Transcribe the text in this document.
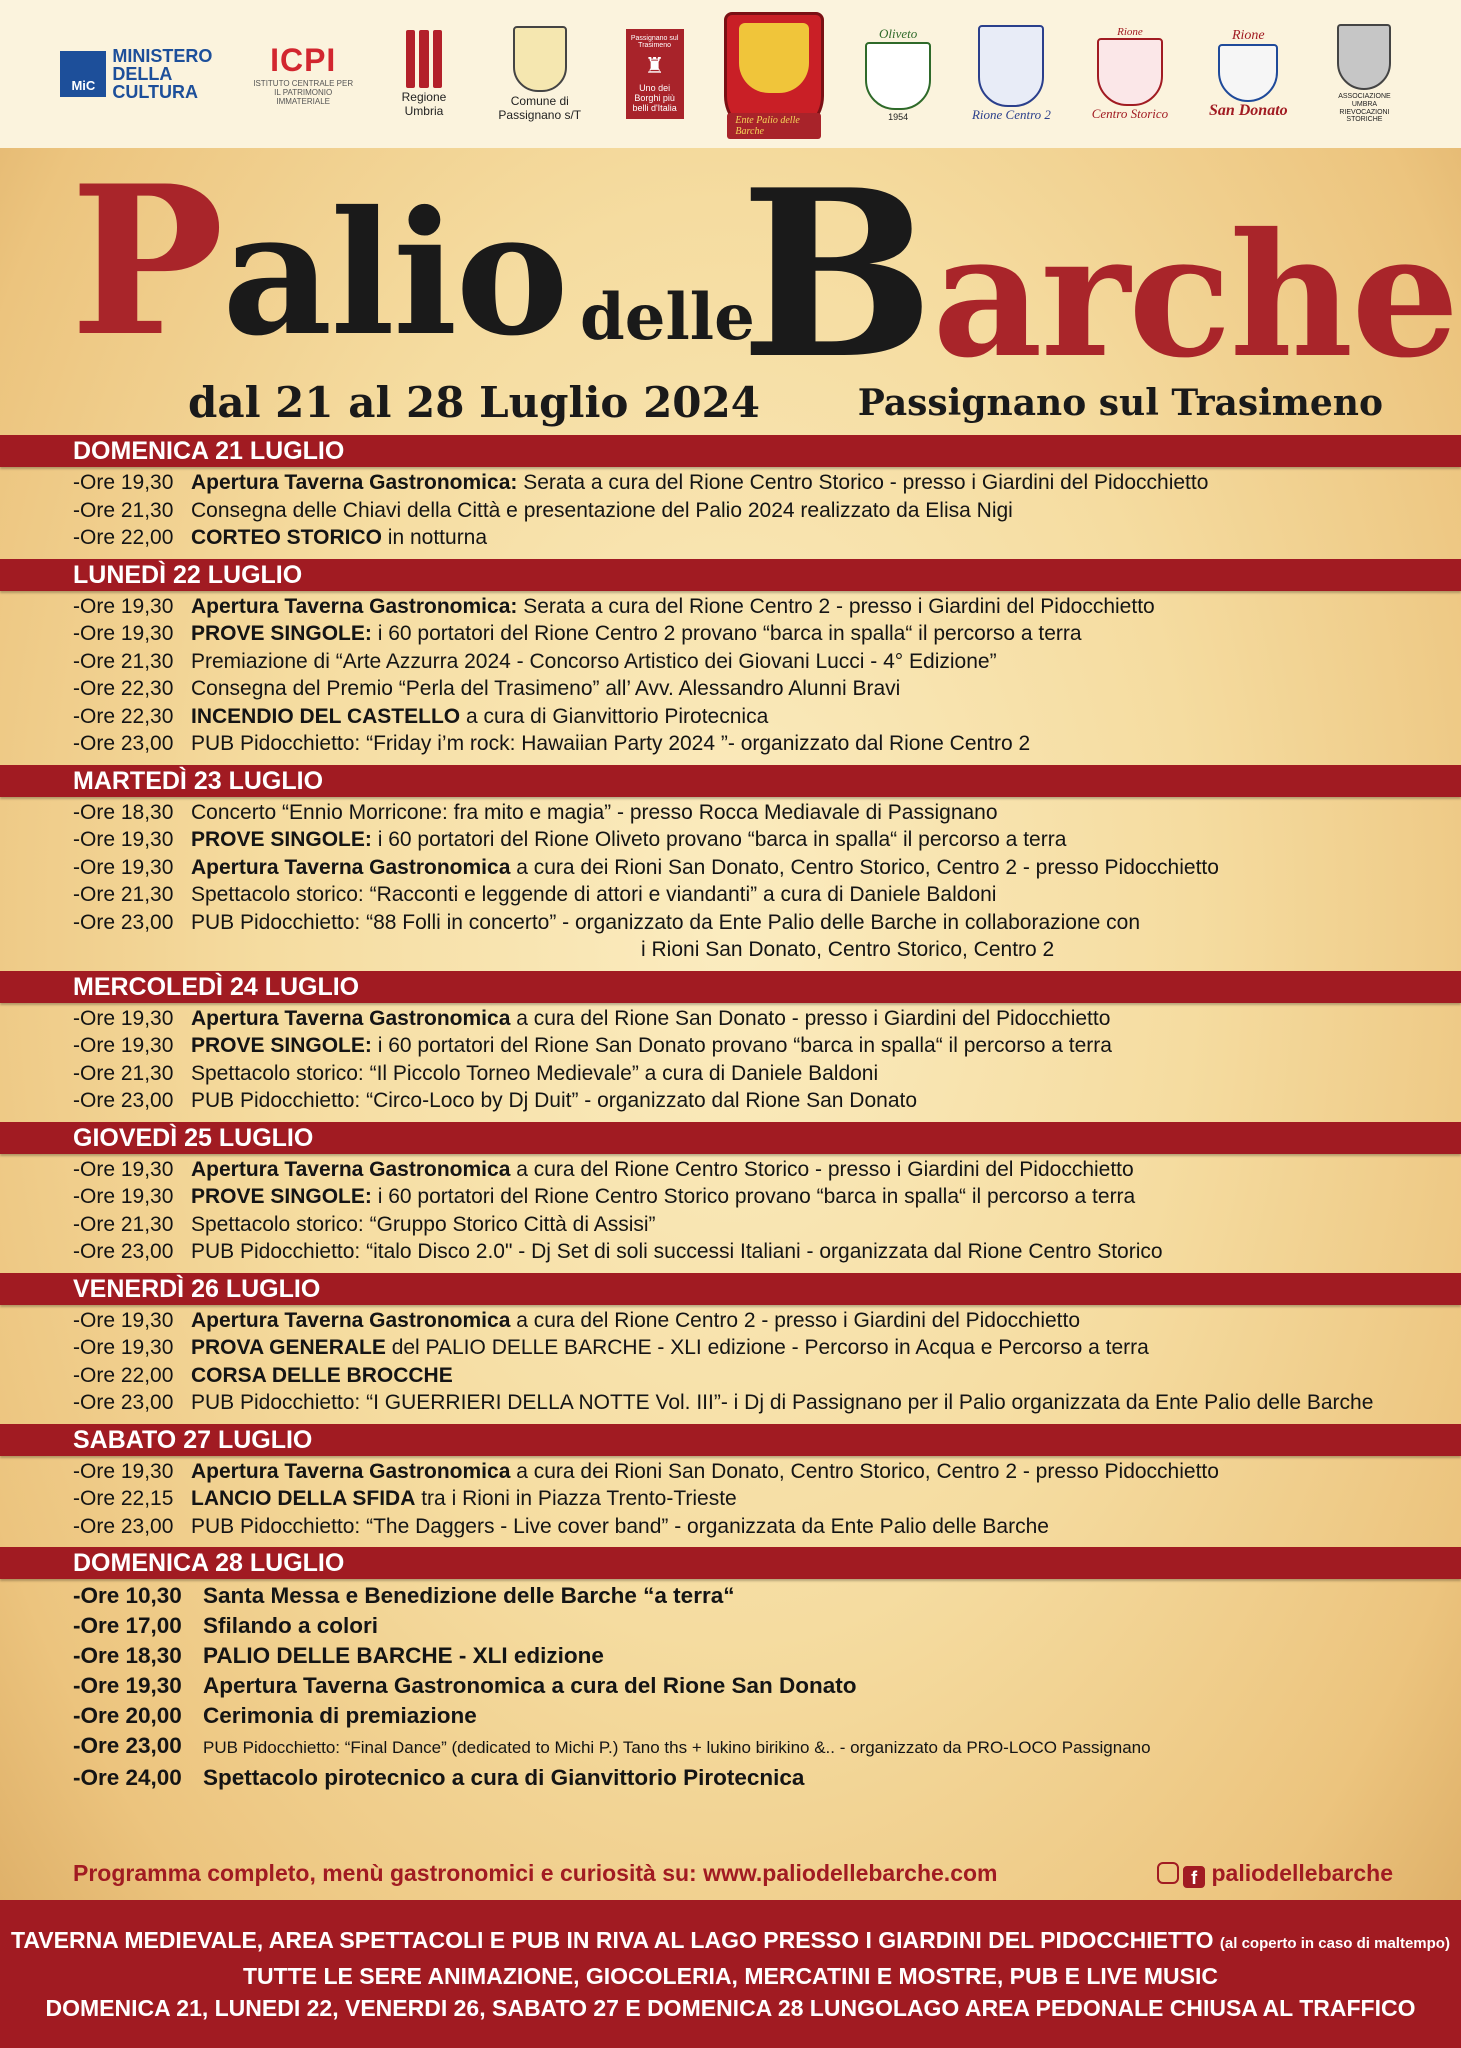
MiC
MINISTERO DELLA CULTURA
ICPI
ISTITUTO CENTRALE PER IL PATRIMONIO IMMATERIALE	Regione Umbria
Comune di Passignano s/T
Passignano sul Trasimeno
♜
Uno dei Borghi più belli d'Italia
Ente Palio delle Barche
Oliveto
1954	Rione Centro 2
Rione
Centro Storico
Rione
San Donato
ASSOCIAZIONE UMBRA RIEVOCAZIONI STORICHE
Palio delle
Barche
dal 21 al 28 Luglio 2024	Passignano sul Trasimeno
DOMENICA 21 LUGLIO
-Ore 19,30 Apertura Taverna Gastronomica: Serata a cura del Rione Centro Storico - presso i Giardini del Pidocchietto
-Ore 21,30 Consegna delle Chiavi della Città e presentazione del Palio 2024 realizzato da Elisa Nigi
-Ore 22,00 CORTEO STORICO in notturna
LUNEDÌ 22 LUGLIO
-Ore 19,30 Apertura Taverna Gastronomica: Serata a cura del Rione Centro 2 - presso i Giardini del Pidocchietto
-Ore 19,30 PROVE SINGOLE: i 60 portatori del Rione Centro 2 provano “barca in spalla“ il percorso a terra
-Ore 21,30 Premiazione di “Arte Azzurra 2024 - Concorso Artistico dei Giovani Lucci - 4° Edizione”
-Ore 22,30 Consegna del Premio “Perla del Trasimeno” all’ Avv. Alessandro Alunni Bravi
-Ore 22,30 INCENDIO DEL CASTELLO a cura di Gianvittorio Pirotecnica
-Ore 23,00 PUB Pidocchietto: “Friday i’m rock: Hawaiian Party 2024 ”- organizzato dal Rione Centro 2
MARTEDÌ 23 LUGLIO
-Ore 18,30 Concerto “Ennio Morricone: fra mito e magia” - presso Rocca Mediavale di Passignano
-Ore 19,30 PROVE SINGOLE: i 60 portatori del Rione Oliveto provano “barca in spalla“ il percorso a terra
-Ore 19,30 Apertura Taverna Gastronomica a cura dei Rioni San Donato, Centro Storico, Centro 2 - presso Pidocchietto
-Ore 21,30 Spettacolo storico: “Racconti e leggende di attori e viandanti” a cura di Daniele Baldoni
-Ore 23,00 PUB Pidocchietto: “88 Folli in concerto” - organizzato da Ente Palio delle Barche in collaborazione con
i Rioni San Donato, Centro Storico, Centro 2
MERCOLEDÌ 24 LUGLIO
-Ore 19,30 Apertura Taverna Gastronomica a cura del Rione San Donato - presso i Giardini del Pidocchietto
-Ore 19,30 PROVE SINGOLE: i 60 portatori del Rione San Donato provano “barca in spalla“ il percorso a terra
-Ore 21,30 Spettacolo storico: “Il Piccolo Torneo Medievale” a cura di Daniele Baldoni
-Ore 23,00 PUB Pidocchietto: “Circo-Loco by Dj Duit” - organizzato dal Rione San Donato
GIOVEDÌ 25 LUGLIO
-Ore 19,30 Apertura Taverna Gastronomica a cura del Rione Centro Storico - presso i Giardini del Pidocchietto
-Ore 19,30 PROVE SINGOLE: i 60 portatori del Rione Centro Storico provano “barca in spalla“ il percorso a terra
-Ore 21,30 Spettacolo storico: “Gruppo Storico Città di Assisi”
-Ore 23,00 PUB Pidocchietto: “italo Disco 2.0" - Dj Set di soli successi Italiani - organizzata dal Rione Centro Storico
VENERDÌ 26 LUGLIO
-Ore 19,30 Apertura Taverna Gastronomica a cura del Rione Centro 2 - presso i Giardini del Pidocchietto
-Ore 19,30 PROVA GENERALE del PALIO DELLE BARCHE - XLI edizione - Percorso in Acqua e Percorso a terra
-Ore 22,00 CORSA DELLE BROCCHE
-Ore 23,00 PUB Pidocchietto: “I GUERRIERI DELLA NOTTE Vol. III”- i Dj di Passignano per il Palio organizzata da Ente Palio delle Barche
SABATO 27 LUGLIO
-Ore 19,30 Apertura Taverna Gastronomica a cura dei Rioni San Donato, Centro Storico, Centro 2 - presso Pidocchietto
-Ore 22,15 LANCIO DELLA SFIDA tra i Rioni in Piazza Trento-Trieste
-Ore 23,00 PUB Pidocchietto: “The Daggers - Live cover band” - organizzata da Ente Palio delle Barche
DOMENICA 28 LUGLIO
-Ore 10,30 Santa Messa e Benedizione delle Barche “a terra“
-Ore 17,00 Sfilando a colori
-Ore 18,30 PALIO DELLE BARCHE - XLI edizione
-Ore 19,30 Apertura Taverna Gastronomica a cura del Rione San Donato
-Ore 20,00 Cerimonia di premiazione
-Ore 23,00 PUB Pidocchietto: “Final Dance” (dedicated to Michi P.) Tano ths + lukino birikino &.. - organizzato da PRO-LOCO Passignano
-Ore 24,00 Spettacolo pirotecnico a cura di Gianvittorio Pirotecnica
Programma completo, menù gastronomici e curiosità su: www.paliodellebarche.com	f paliodellebarche
TAVERNA MEDIEVALE, AREA SPETTACOLI E PUB IN RIVA AL LAGO PRESSO I GIARDINI DEL PIDOCCHIETTO (al coperto in caso di maltempo)
TUTTE LE SERE ANIMAZIONE, GIOCOLERIA, MERCATINI E MOSTRE, PUB E LIVE MUSIC
DOMENICA 21, LUNEDI 22, VENERDI 26, SABATO 27 E DOMENICA 28 LUNGOLAGO AREA PEDONALE CHIUSA AL TRAFFICO
